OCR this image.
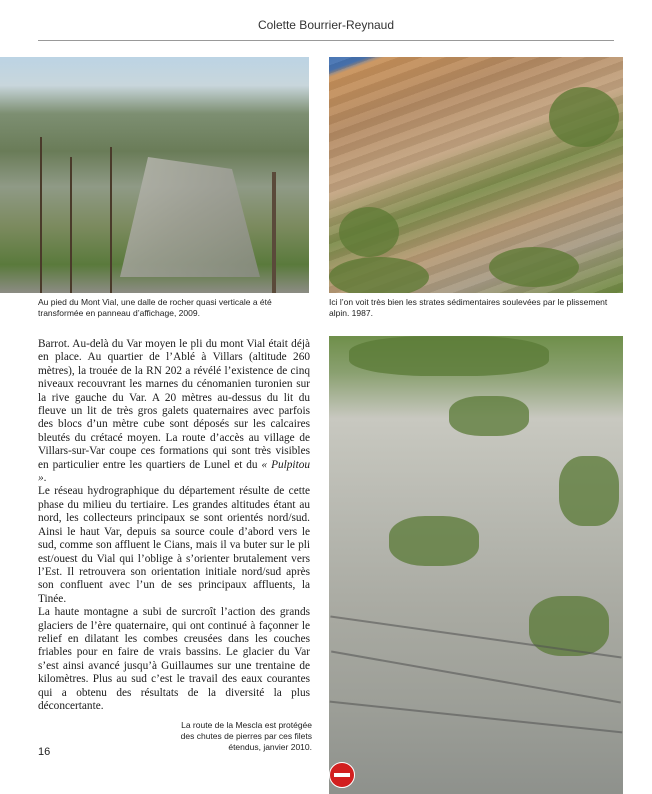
Colette Bourrier-Reynaud
Au pied du Mont Vial, une dalle de rocher quasi verticale a été transformée en panneau d’affichage, 2009.
Ici l’on voit très bien les strates sédimentaires soulevées par le plissement alpin. 1987.

Barrot. Au-delà du Var moyen le pli du mont Vial était déjà en place. Au quartier de l’Ablé à Villars (altitude 260 mètres), la trouée de la RN 202 a révélé l’existence de cinq niveaux recouvrant les marnes du cénomanien turonien sur la rive gauche du Var. A 20 mètres au-dessus du lit du fleuve un lit de très gros galets quaternaires avec parfois des blocs d’un mètre cube sont déposés sur les calcaires bleutés du crétacé moyen. La route d’accès au village de Villars-sur-Var coupe ces formations qui sont très visibles en particulier entre les quartiers de Lunel et du « Pulpitou ».

Le réseau hydrographique du département résulte de cette phase du milieu du tertiaire. Les grandes altitudes étant au nord, les collecteurs principaux se sont orientés nord/sud. Ainsi le haut Var, depuis sa source coule d’abord vers le sud, comme son affluent le Cians, mais il va buter sur le pli est/ouest du Vial qui l’oblige à s’orienter brutalement vers l’Est. Il retrouvera son orientation initiale nord/sud après son confluent avec l’un de ses principaux affluents, la Tinée.

La haute montagne a subi de surcroît l’action des grands glaciers de l’ère quaternaire, qui ont continué à façonner le relief en dilatant les combes creusées dans les couches friables pour en faire de vrais bassins. Le glacier du Var s’est ainsi avancé jusqu’à Guillaumes sur une trentaine de kilomètres. Plus au sud c’est le travail des eaux courantes qui a obtenu des résultats de la diversité la plus déconcertante.

La route de la Mescla est protégée des chutes de pierres par ces filets étendus, janvier 2010.
16
